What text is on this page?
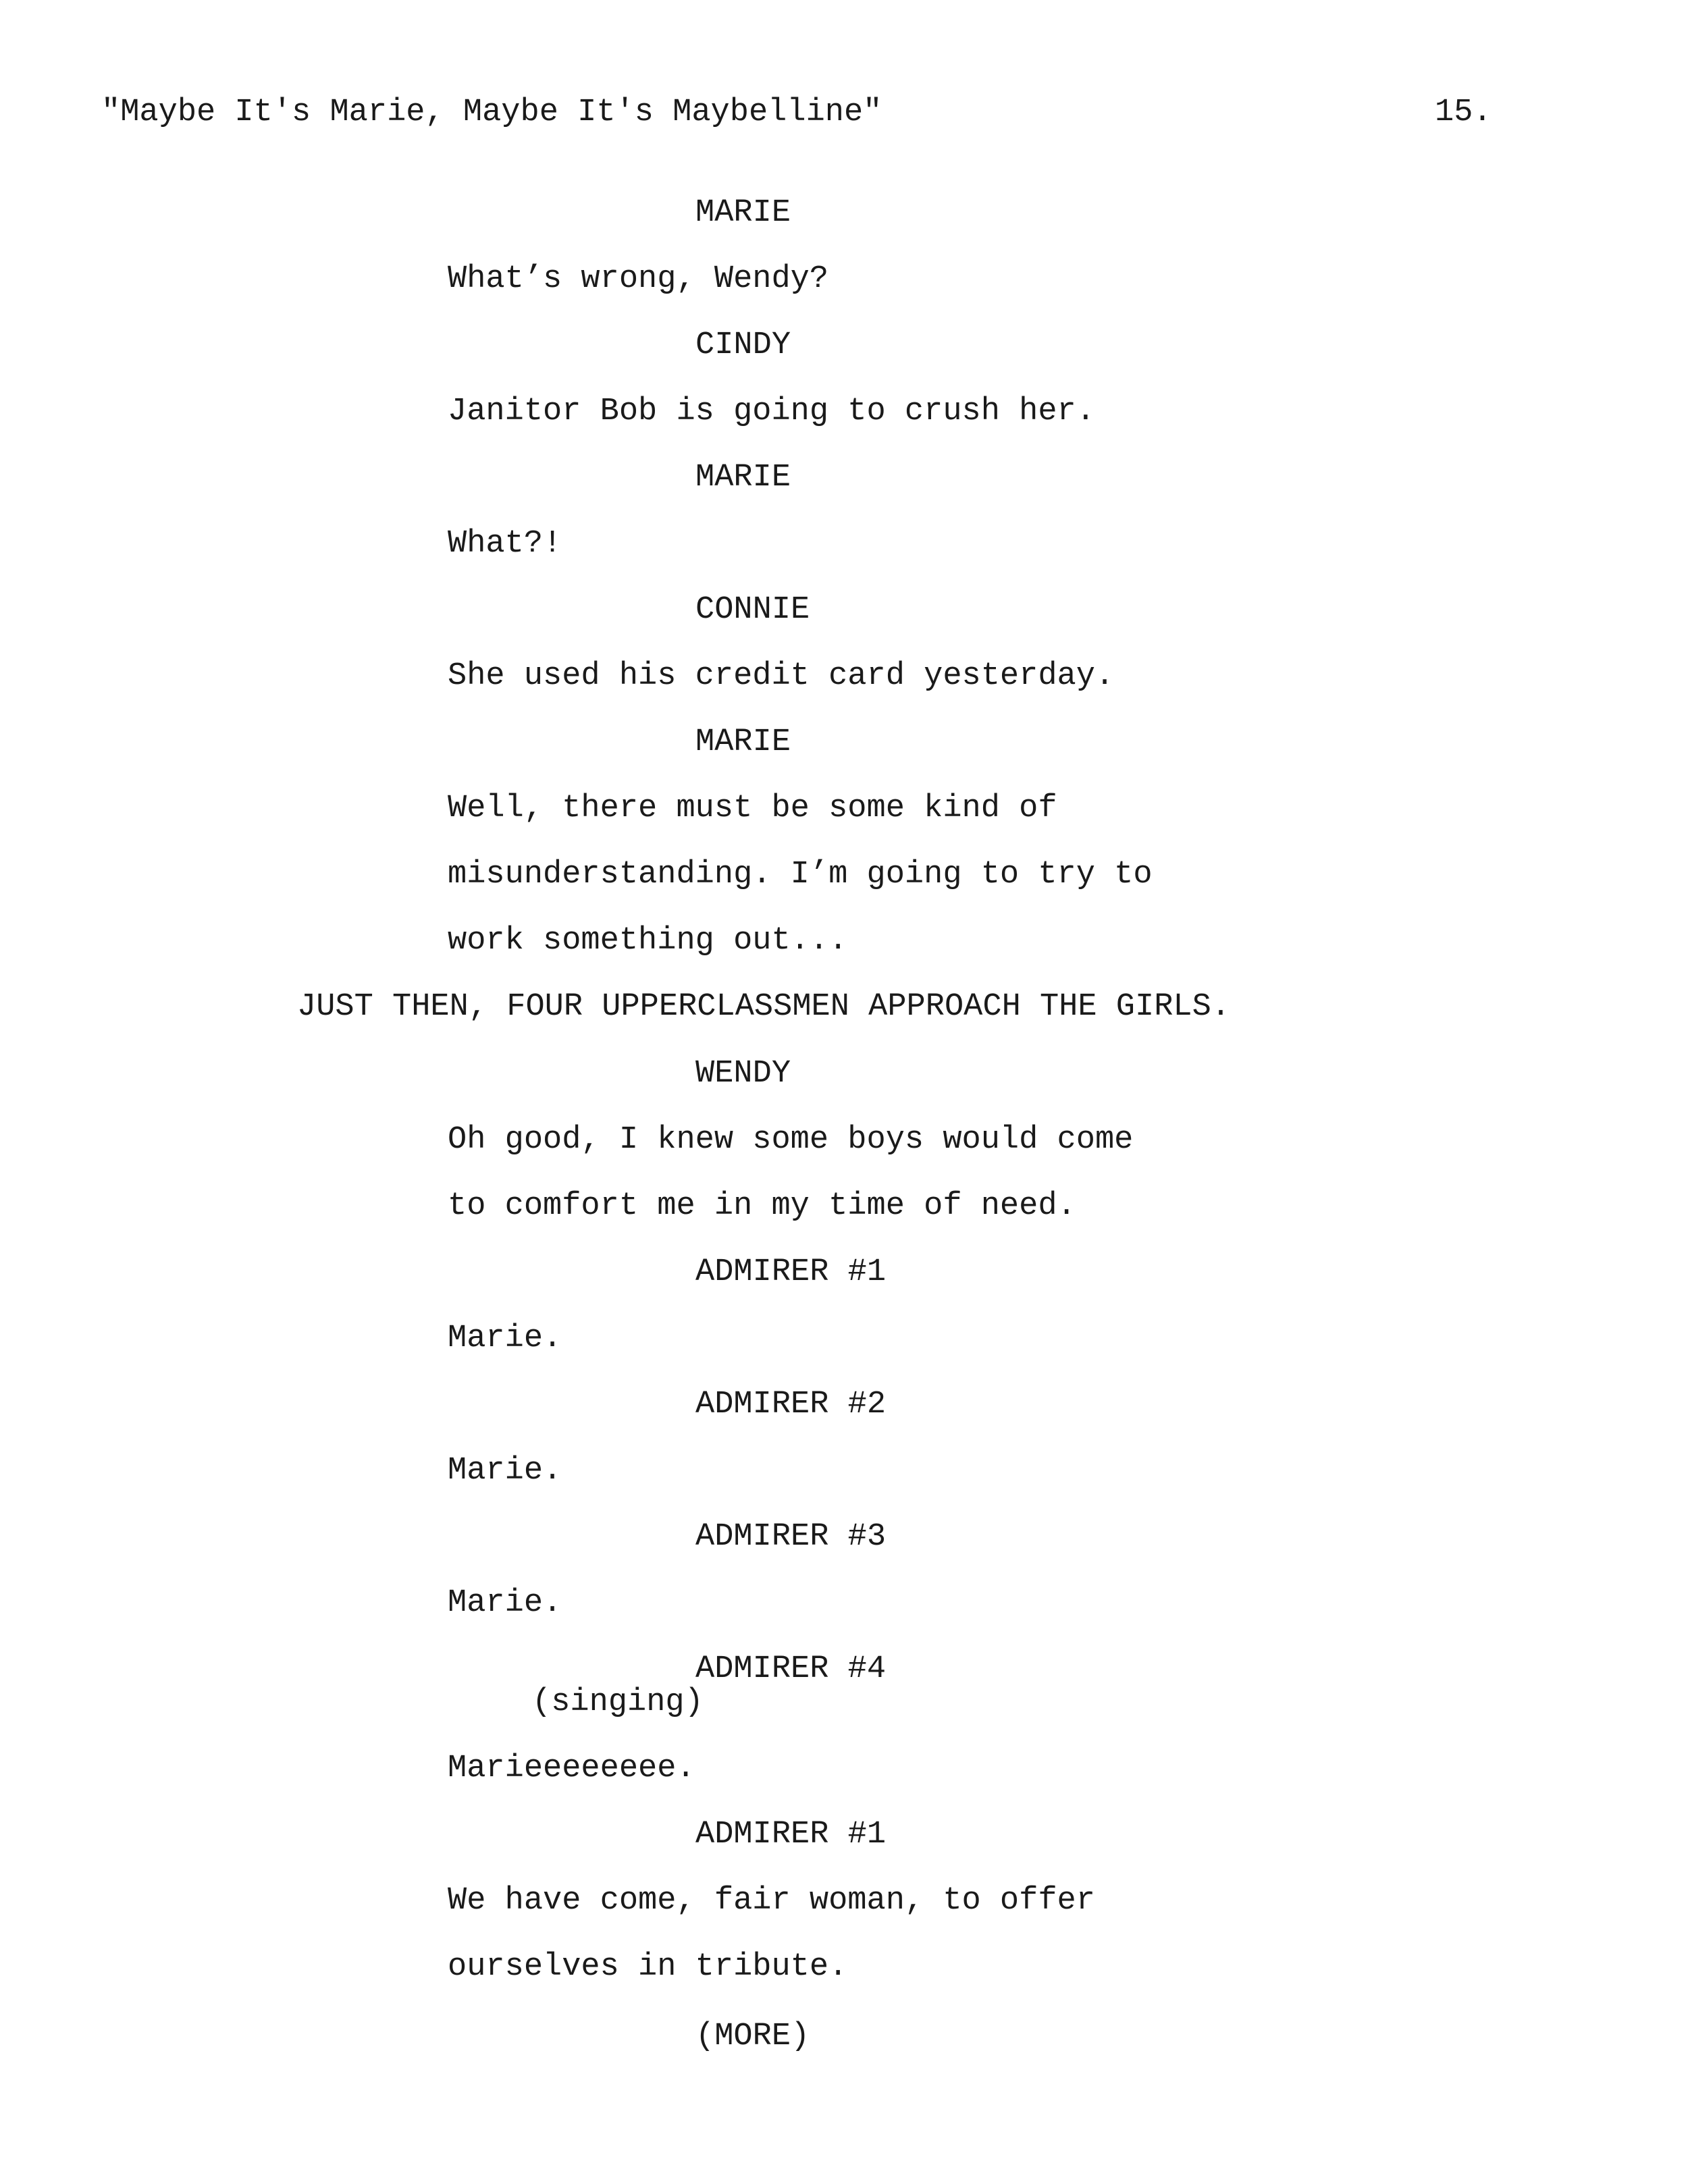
"Maybe It's Marie, Maybe It's Maybelline"	15.

MARIE

What’s wrong, Wendy?

CINDY

Janitor Bob is going to crush her.

MARIE

What?!

CONNIE

She used his credit card yesterday.

MARIE

Well, there must be some kind of

misunderstanding. I’m going to try to

work something out...

JUST THEN, FOUR UPPERCLASSMEN APPROACH THE GIRLS.

WENDY

Oh good, I knew some boys would come

to comfort me in my time of need.

ADMIRER #1

Marie.

ADMIRER #2

Marie.

ADMIRER #3

Marie.

ADMIRER #4

(singing)

Marieeeeeeee.

ADMIRER #1

We have come, fair woman, to offer

ourselves in tribute.

(MORE)
